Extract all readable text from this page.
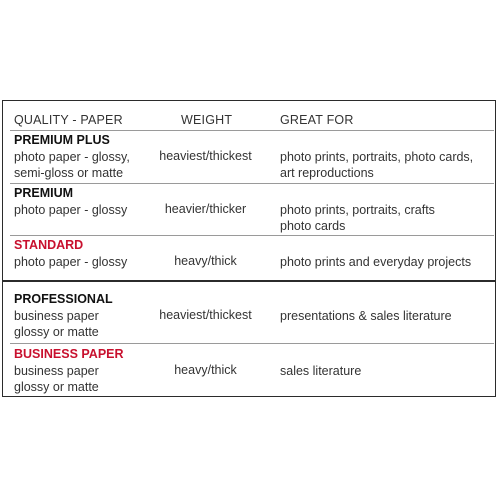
QUALITY - PAPER	WEIGHT	GREAT FOR
PREMIUM PLUS
photo paper - glossy,
semi-gloss or matte
heaviest/thickest	photo prints, portraits, photo cards,
art reproductions
PREMIUM
photo paper - glossy	heavier/thicker	photo prints, portraits, crafts
photo cards
STANDARD
photo paper - glossy	heavy/thick	photo prints and everyday projects
PROFESSIONAL
business paper
glossy or matte
heaviest/thickest	presentations & sales literature
BUSINESS PAPER
business paper
glossy or matte
heavy/thick	sales literature
